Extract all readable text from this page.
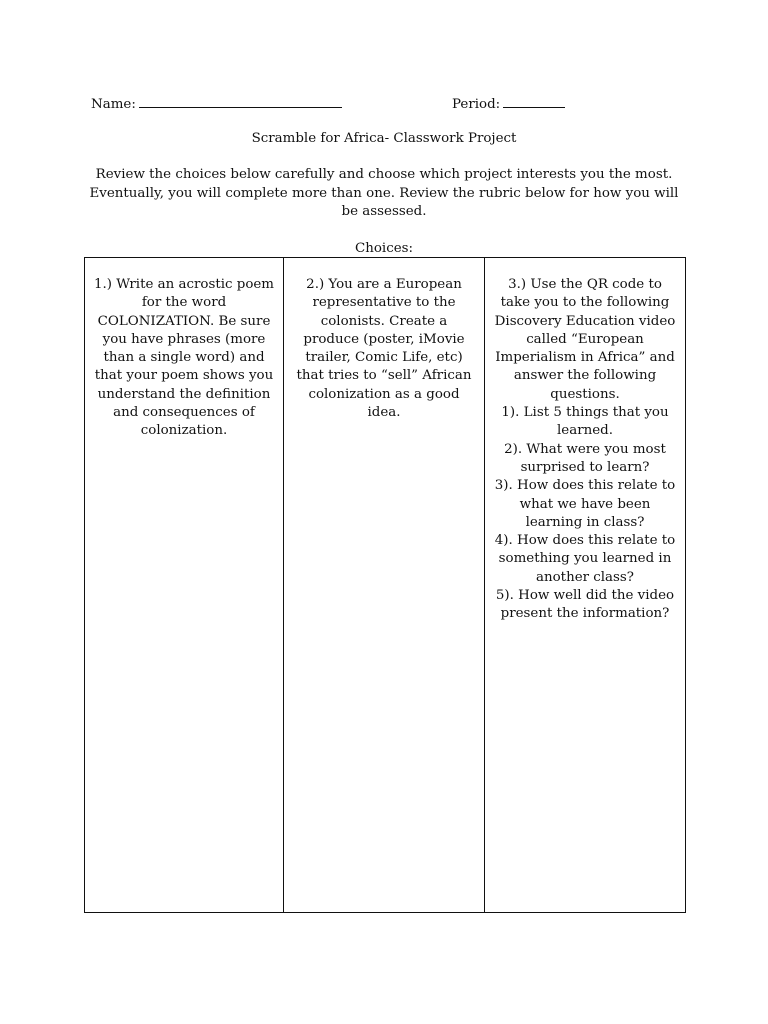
Name:	Period:
Scramble for Africa- Classwork Project
Review the choices below carefully and choose which project interests you the most. Eventually, you will complete more than one. Review the rubric below for how you will be assessed.
Choices:
1.) Write an acrostic poem for the word COLONIZATION. Be sure you have phrases (more than a single word) and that your poem shows you understand the definition and consequences of colonization.

2.) You are a European representative to the colonists. Create a produce (poster, iMovie trailer, Comic Life, etc) that tries to “sell” African colonization as a good idea.

3.) Use the QR code to take you to the following Discovery Education video called “European Imperialism in Africa” and answer the following questions.
1). List 5 things that you learned.
2). What were you most surprised to learn?
3). How does this relate to what we have been learning in class?
4). How does this relate to something you learned in another class?
5). How well did the video present the information?
